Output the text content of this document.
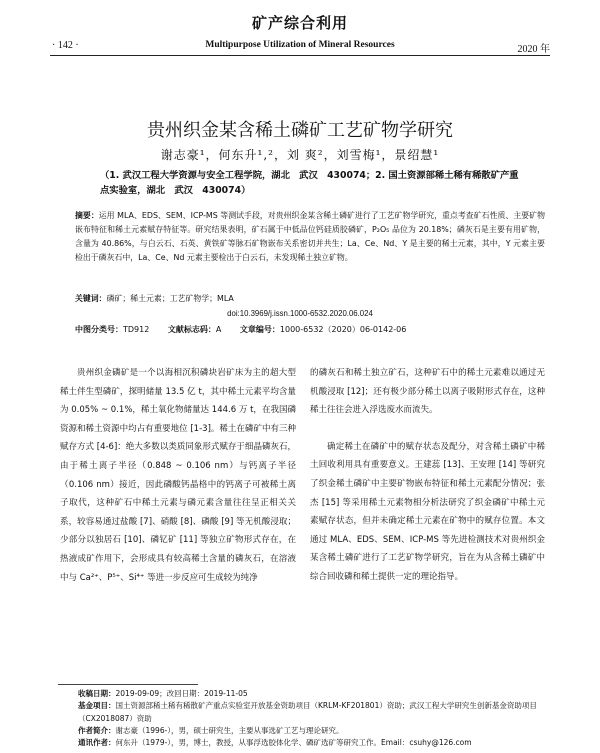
矿产综合利用
· 142 ·	Multipurpose Utilization of Mineral Resources	2020 年
贵州织金某含稀土磷矿工艺矿物学研究
谢志豪¹，何东升¹,²，刘 爽²，刘雪梅¹，景绍慧¹
（1. 武汉工程大学资源与安全工程学院，湖北　武汉　430074；2. 国土资源部稀土稀有稀散矿产重点实验室，湖北　武汉　430074）
摘要：运用 MLA、EDS、SEM、ICP-MS 等测试手段，对贵州织金某含稀土磷矿进行了工艺矿物学研究，重点考查矿石性质、主要矿物嵌布特征和稀土元素赋存特征等。研究结果表明，矿石属于中低品位钙硅质胶磷矿，P₂O₅ 品位为 20.18%；磷灰石是主要有用矿物，含量为 40.86%，与白云石、石英、黄铁矿等脉石矿物嵌布关系密切并共生；La、Ce、Nd、Y 是主要的稀土元素，其中，Y 元素主要检出于磷灰石中，La、Ce、Nd 元素主要检出于白云石，未发现稀土独立矿物。
关键词：磷矿；稀土元素；工艺矿物学；MLA
doi:10.3969/j.issn.1000-6532.2020.06.024
中图分类号：TD912 文献标志码：A 文章编号：1000-6532（2020）06-0142-06

贵州织金磷矿是一个以海相沉积磷块岩矿床为主的超大型稀土伴生型磷矿，探明储量 13.5 亿 t，其中稀土元素平均含量为 0.05% ~ 0.1%，稀土氧化物储量达 144.6 万 t，在我国磷资源和稀土资源中均占有重要地位 [1-3]。稀土在磷矿中有三种赋存方式 [4-6]：绝大多数以类质同象形式赋存于细晶磷灰石，由于稀土离子半径（0.848 ~ 0.106 nm）与钙离子半径（0.106 nm）接近，因此磷酸钙晶格中的钙离子可被稀土离子取代，这种矿石中稀土元素与磷元素含量往往呈正相关关系，较容易通过盐酸 [7]、硝酸 [8]、磷酸 [9] 等无机酸浸取；少部分以独居石 [10]、磷钇矿 [11] 等独立矿物形式存在，在热液成矿作用下，会形成具有较高稀土含量的磷灰石，在溶液中与 Ca²⁺、P⁵⁺、Si⁴⁺ 等进一步反应可生成较为纯净

的磷灰石和稀土独立矿石，这种矿石中的稀土元素难以通过无机酸浸取 [12]；还有极少部分稀土以离子吸附形式存在，这种稀土往往会进入浮选废水而流失。

确定稀土在磷矿中的赋存状态及配分，对含稀土磷矿中稀土回收利用具有重要意义。王建蕊 [13]、王安理 [14] 等研究了织金稀土磷矿中主要矿物嵌布特征和稀土元素配分情况；张杰 [15] 等采用稀土元素物相分析法研究了织金磷矿中稀土元素赋存状态，但并未确定稀土元素在矿物中的赋存位置。本文通过 MLA、EDS、SEM、ICP-MS 等先进检测技术对贵州织金某含稀土磷矿进行了工艺矿物学研究，旨在为从含稀土磷矿中综合回收磷和稀土提供一定的理论指导。

收稿日期：2019-09-09；改回日期：2019-11-05
基金项目：国土资源部稀土稀有稀散矿产重点实验室开放基金资助项目（KRLM-KF201801）资助；武汉工程大学研究生创新基金资助项目（CX2018087）资助
作者简介：谢志豪（1996-），男，硕士研究生，主要从事选矿工艺与理论研究。
通讯作者：何东升（1979-），男，博士，教授，从事浮选胶体化学、磷矿选矿等研究工作。Email：csuhy@126.com
